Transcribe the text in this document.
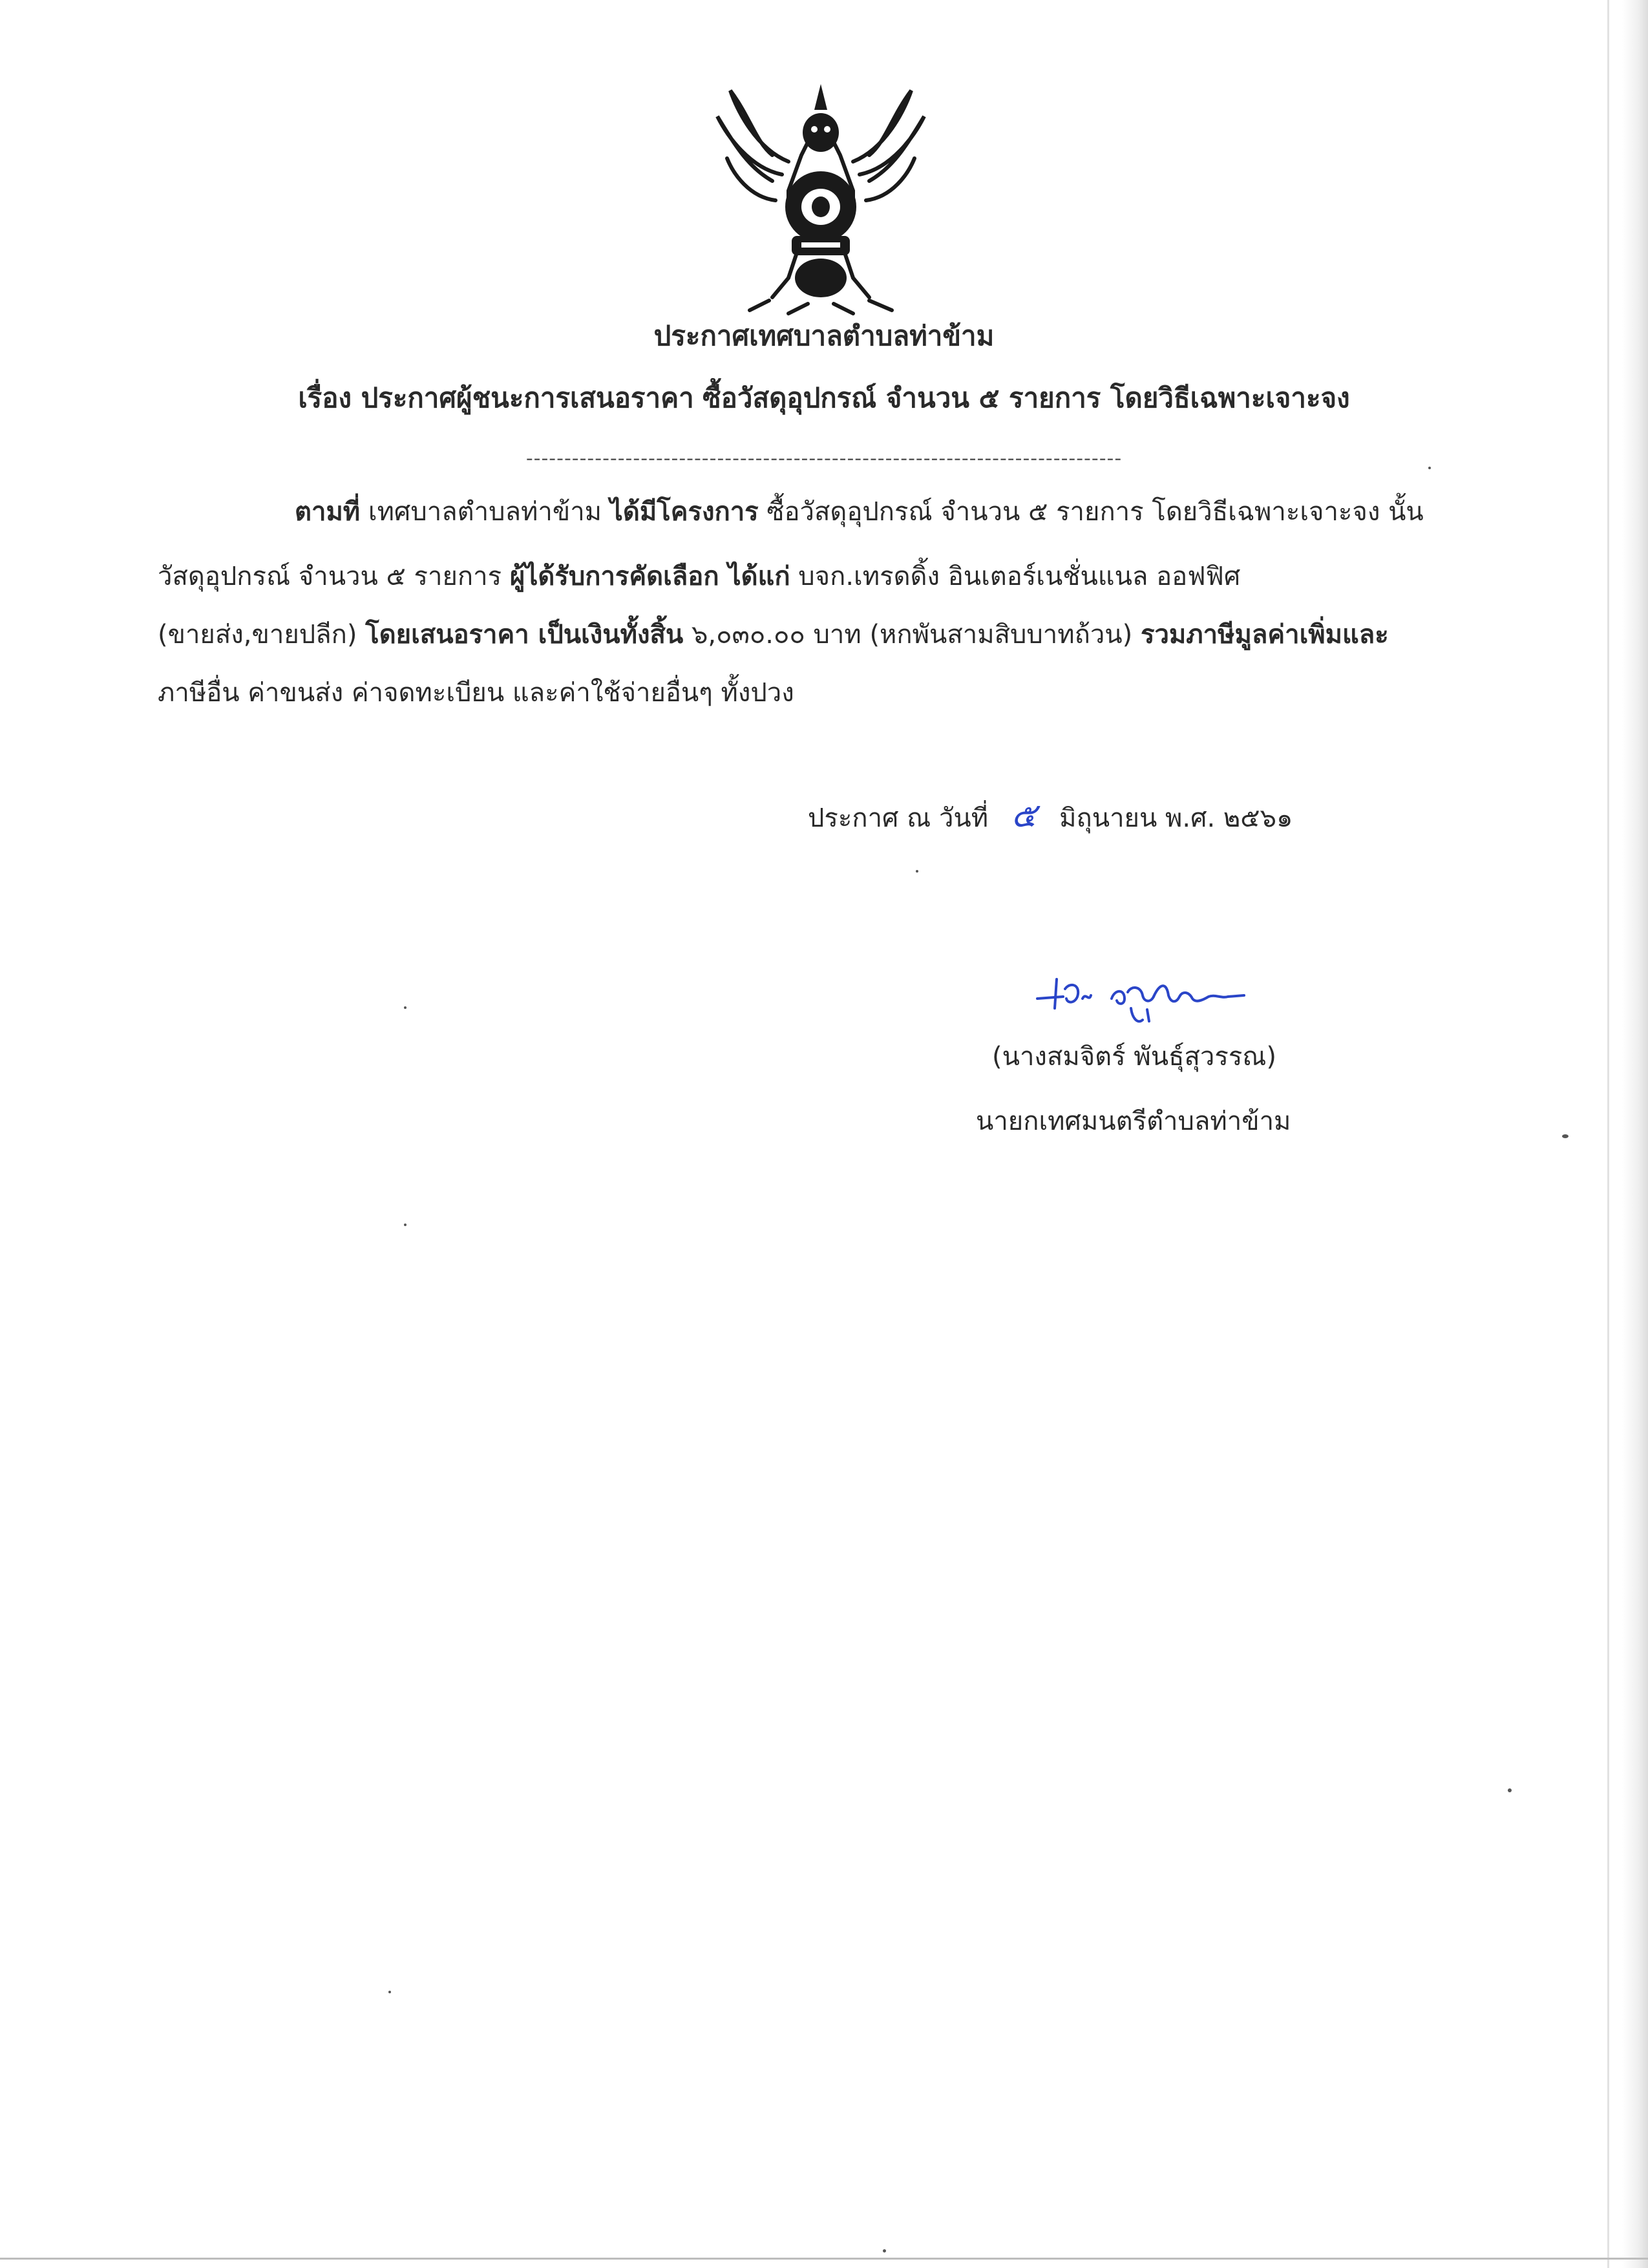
ประกาศเทศบาลตำบลท่าข้าม
เรื่อง ประกาศผู้ชนะการเสนอราคา ซื้อวัสดุอุปกรณ์ จำนวน ๕ รายการ โดยวิธีเฉพาะเจาะจง
------------------------------------------------------------------------------
ตามที่ เทศบาลตำบลท่าข้าม ได้มีโครงการ ซื้อวัสดุอุปกรณ์ จำนวน ๕ รายการ โดยวิธีเฉพาะเจาะจง นั้น
วัสดุอุปกรณ์ จำนวน ๕ รายการ ผู้ได้รับการคัดเลือก ได้แก่ บจก.เทรดดิ้ง อินเตอร์เนชั่นแนล ออฟฟิศ
(ขายส่ง,ขายปลีก) โดยเสนอราคา เป็นเงินทั้งสิ้น ๖,๐๓๐.๐๐ บาท (หกพันสามสิบบาทถ้วน) รวมภาษีมูลค่าเพิ่มและ
ภาษีอื่น ค่าขนส่ง ค่าจดทะเบียน และค่าใช้จ่ายอื่นๆ ทั้งปวง
ประกาศ ณ วันที่ ๕ มิถุนายน พ.ศ. ๒๕๖๑
(นางสมจิตร์ พันธุ์สุวรรณ)
นายกเทศมนตรีตำบลท่าข้าม
